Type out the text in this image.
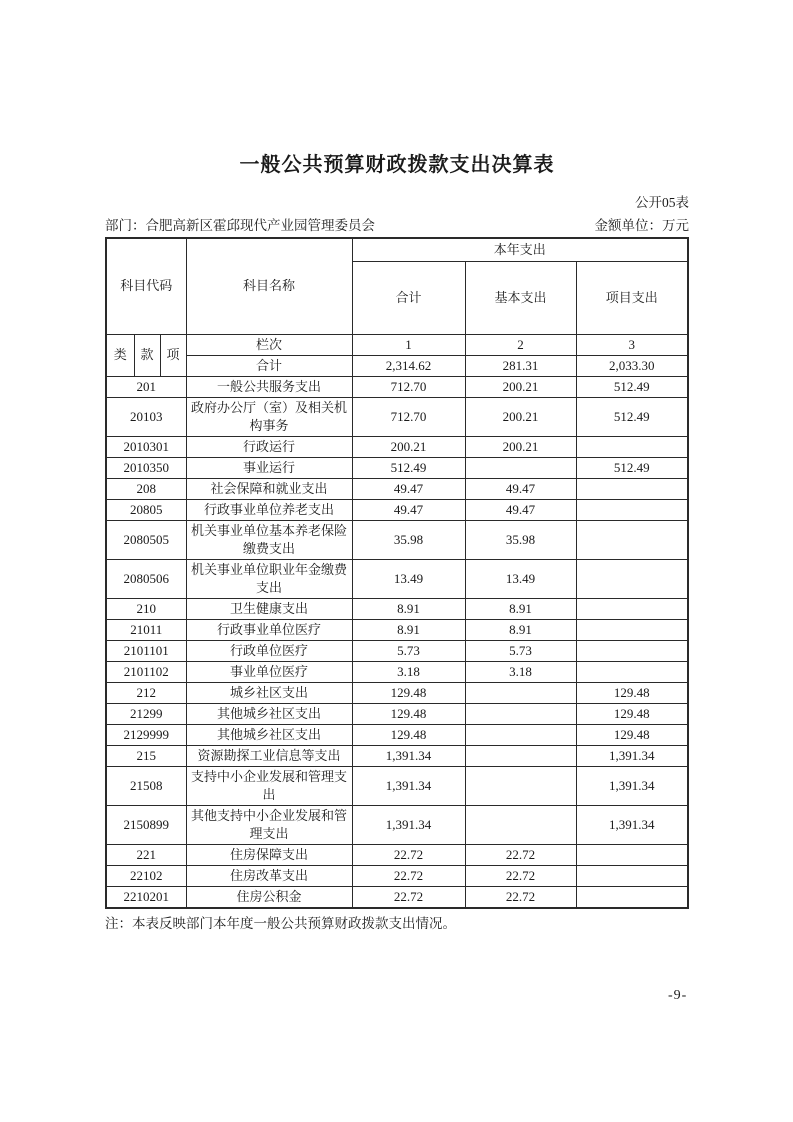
一般公共预算财政拨款支出决算表
公开05表
部门：合肥高新区霍邱现代产业园管理委员会	金额单位：万元
科目代码			科目名称	本年支出		
				合计	基本支出	项目支出
类	款	项	栏次	1	2	3
			合计	2,314.62	281.31	2,033.30
201			一般公共服务支出	712.70	200.21	512.49
20103			政府办公厅（室）及相关机构事务	712.70	200.21	512.49
2010301			行政运行	200.21	200.21	
2010350			事业运行	512.49		512.49
208			社会保障和就业支出	49.47	49.47	
20805			行政事业单位养老支出	49.47	49.47	
2080505			机关事业单位基本养老保险缴费支出	35.98	35.98	
2080506			机关事业单位职业年金缴费支出	13.49	13.49	
210			卫生健康支出	8.91	8.91	
21011			行政事业单位医疗	8.91	8.91	
2101101			行政单位医疗	5.73	5.73	
2101102			事业单位医疗	3.18	3.18	
212			城乡社区支出	129.48		129.48
21299			其他城乡社区支出	129.48		129.48
2129999			其他城乡社区支出	129.48		129.48
215			资源勘探工业信息等支出	1,391.34		1,391.34
21508			支持中小企业发展和管理支出	1,391.34		1,391.34
2150899			其他支持中小企业发展和管理支出	1,391.34		1,391.34
221			住房保障支出	22.72	22.72	
22102			住房改革支出	22.72	22.72	
2210201			住房公积金	22.72	22.72	
注：本表反映部门本年度一般公共预算财政拨款支出情况。
-9-
